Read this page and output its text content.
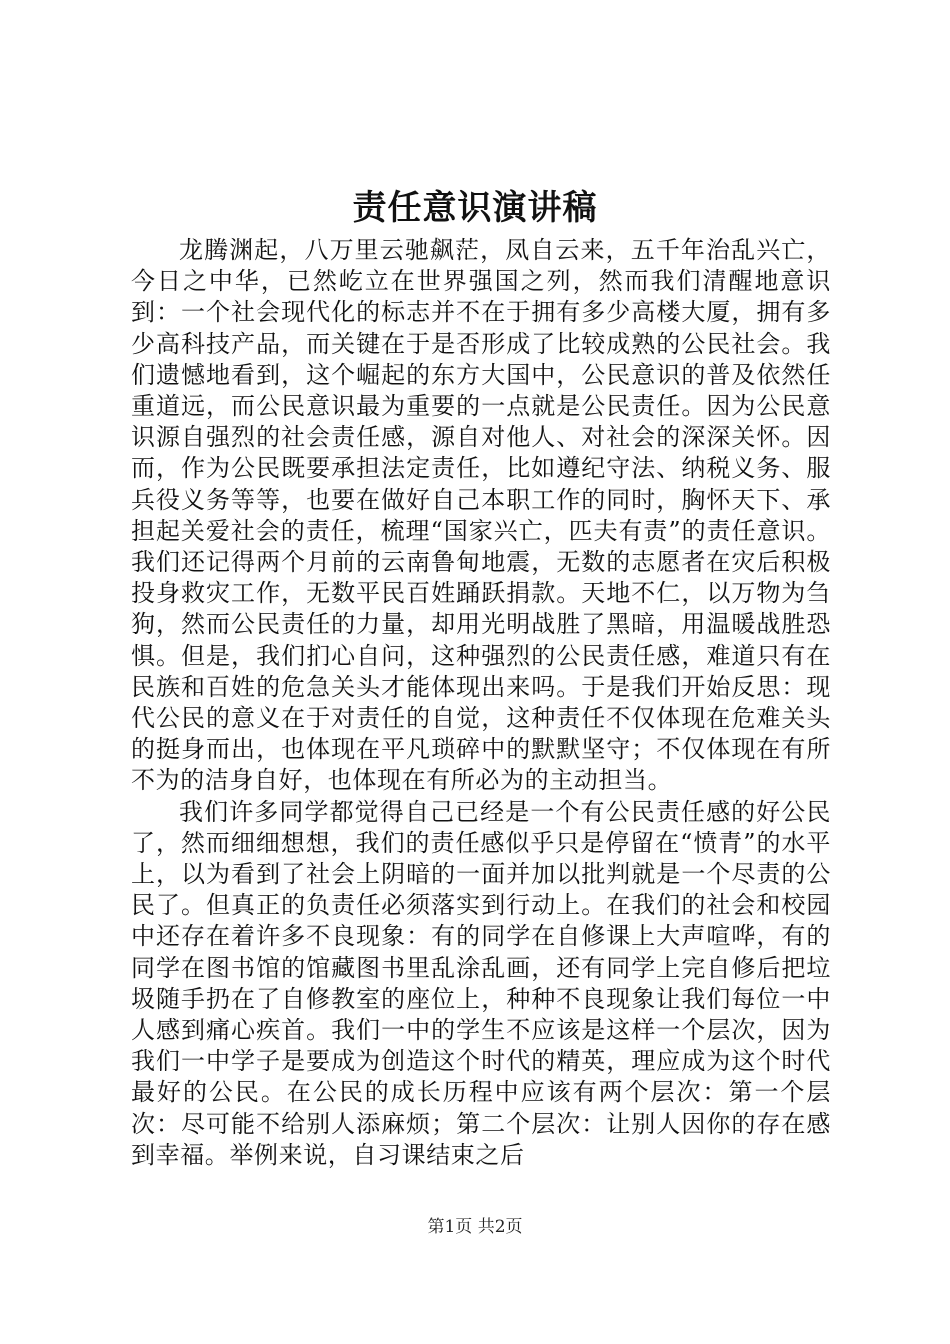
责任意识演讲稿

龙腾渊起，八万里云驰飙茫，凤自云来，五千年治乱兴亡，今日之中华，已然屹立在世界强国之列，然而我们清醒地意识到：一个社会现代化的标志并不在于拥有多少高楼大厦，拥有多少高科技产品，而关键在于是否形成了比较成熟的公民社会。我们遗憾地看到，这个崛起的东方大国中，公民意识的普及依然任重道远，而公民意识最为重要的一点就是公民责任。因为公民意识源自强烈的社会责任感，源自对他人、对社会的深深关怀。因而，作为公民既要承担法定责任，比如遵纪守法、纳税义务、服兵役义务等等，也要在做好自己本职工作的同时，胸怀天下、承担起关爱社会的责任，梳理“国家兴亡，匹夫有责”的责任意识。我们还记得两个月前的云南鲁甸地震，无数的志愿者在灾后积极投身救灾工作，无数平民百姓踊跃捐款。天地不仁，以万物为刍狗，然而公民责任的力量，却用光明战胜了黑暗，用温暖战胜恐惧。但是，我们扪心自问，这种强烈的公民责任感，难道只有在民族和百姓的危急关头才能体现出来吗。于是我们开始反思：现代公民的意义在于对责任的自觉，这种责任不仅体现在危难关头的挺身而出，也体现在平凡琐碎中的默默坚守；不仅体现在有所不为的洁身自好，也体现在有所必为的主动担当。

我们许多同学都觉得自己已经是一个有公民责任感的好公民了，然而细细想想，我们的责任感似乎只是停留在“愤青”的水平上，以为看到了社会上阴暗的一面并加以批判就是一个尽责的公民了。但真正的负责任必须落实到行动上。在我们的社会和校园中还存在着许多不良现象：有的同学在自修课上大声喧哗，有的同学在图书馆的馆藏图书里乱涂乱画，还有同学上完自修后把垃圾随手扔在了自修教室的座位上，种种不良现象让我们每位一中人感到痛心疾首。我们一中的学生不应该是这样一个层次，因为我们一中学子是要成为创造这个时代的精英，理应成为这个时代最好的公民。在公民的成长历程中应该有两个层次：第一个层次：尽可能不给别人添麻烦；第二个层次：让别人因你的存在感到幸福。举例来说，自习课结束之后

第1页 共2页
